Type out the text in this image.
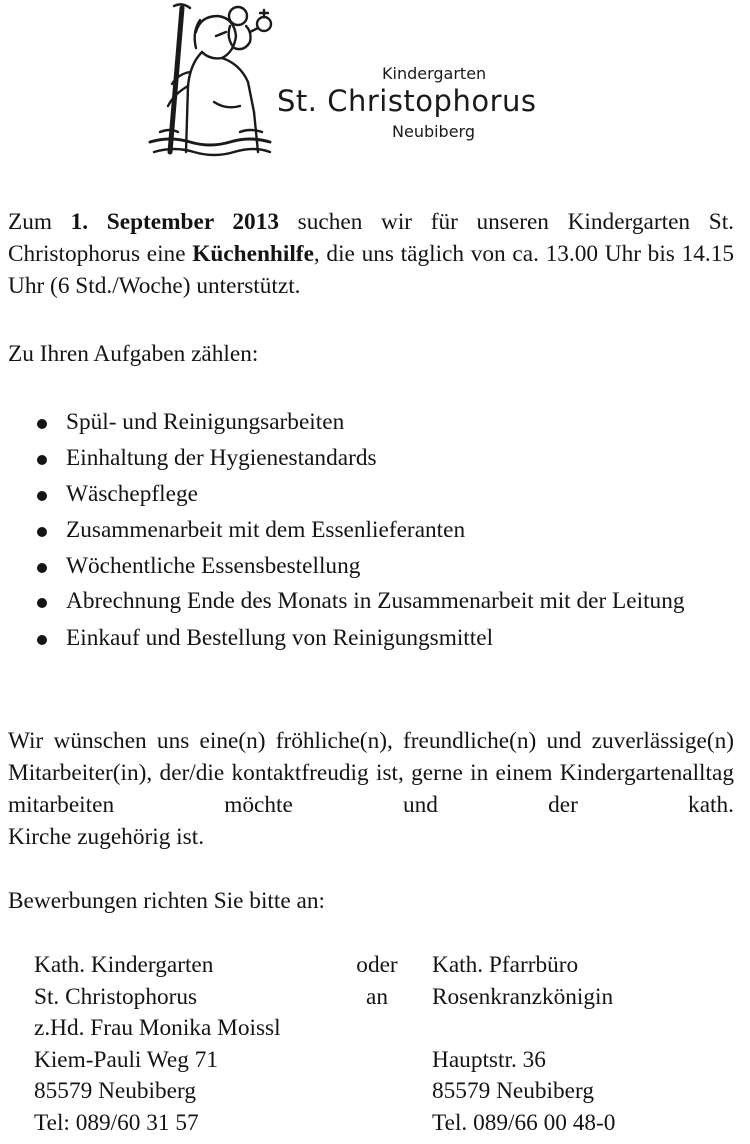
Kindergarten
St. Christophorus
Neubiberg

Zum 1. September 2013 suchen wir für unseren Kindergarten St. Christophorus eine Küchenhilfe, die uns täglich von ca. 13.00 Uhr bis 14.15 Uhr (6 Std./Woche) unterstützt.

Zu Ihren Aufgaben zählen:

Spül- und Reinigungsarbeiten
Einhaltung der Hygienestandards
Wäschepflege
Zusammenarbeit mit dem Essenlieferanten
Wöchentliche Essensbestellung
Abrechnung Ende des Monats in Zusammenarbeit mit der Leitung
Einkauf und Bestellung von Reinigungsmittel
Wir wünschen uns eine(n) fröhliche(n), freundliche(n) und zuverlässige(n) Mitarbeiter(in), der/die kontaktfreudig ist, gerne in einem Kindergartenalltag mitarbeiten möchte und der kath.
Kirche zugehörig ist.

Bewerbungen richten Sie bitte an:

Kath. Kindergarten
St. Christophorus
z.Hd. Frau Monika Moissl
Kiem-Pauli Weg 71
85579 Neubiberg
Tel: 089/60 31 57
oder
an
Kath. Pfarrbüro
Rosenkranzkönigin
Hauptstr. 36
85579 Neubiberg
Tel. 089/66 00 48-0
